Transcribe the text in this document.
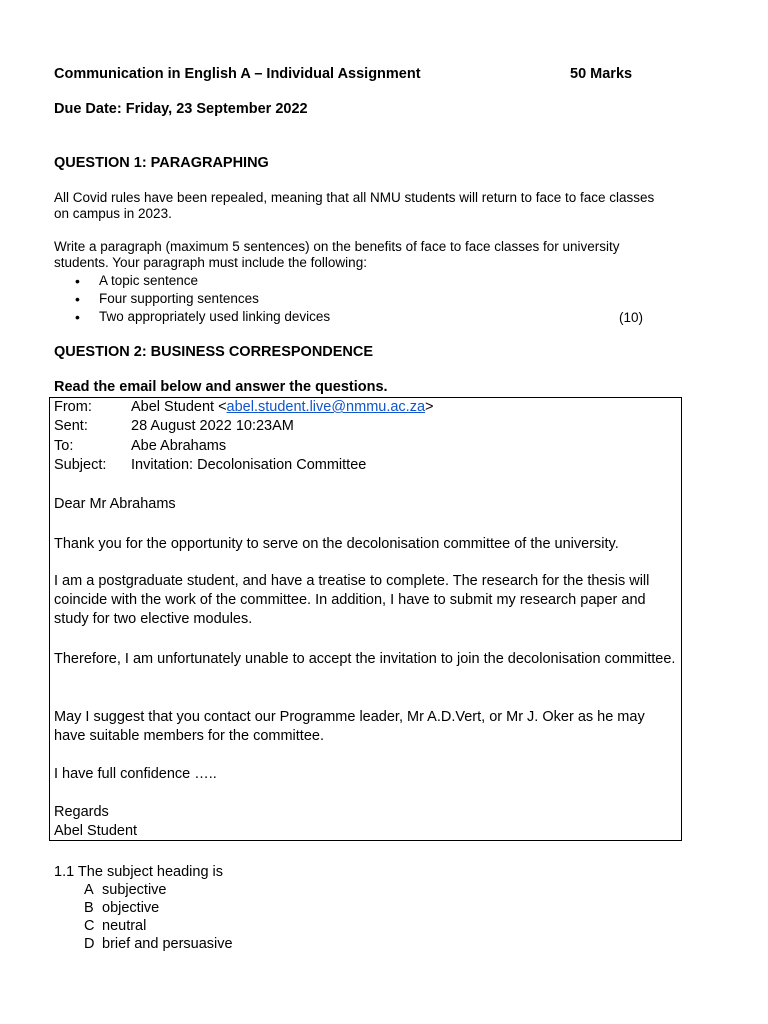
Communication in English A – Individual Assignment	50 Marks
Due Date: Friday, 23 September 2022
QUESTION 1: PARAGRAPHING
All Covid rules have been repealed, meaning that all NMU students will return to face to face classes
on campus in 2023.
Write a paragraph (maximum 5 sentences) on the benefits of face to face classes for university
students. Your paragraph must include the following:
• A topic sentence
• Four supporting sentences
• Two appropriately used linking devices	(10)
QUESTION 2: BUSINESS CORRESPONDENCE
Read the email below and answer the questions.
From:	Abel Student <abel.student.live@nmmu.ac.za>
Sent:	28 August 2022 10:23AM
To:	Abe Abrahams
Subject: Invitation: Decolonisation Committee
Dear Mr Abrahams
Thank you for the opportunity to serve on the decolonisation committee of the university.
I am a postgraduate student, and have a treatise to complete. The research for the thesis will coincide with the work of the committee. In addition, I have to submit my research paper and study for two elective modules.
Therefore, I am unfortunately unable to accept the invitation to join the decolonisation committee.
May I suggest that you contact our Programme leader, Mr A.D.Vert, or Mr J. Oker as he may have suitable members for the committee.
I have full confidence …..
Regards
Abel Student
1.1 The subject heading is
A subjective
B objective
C neutral
D brief and persuasive
